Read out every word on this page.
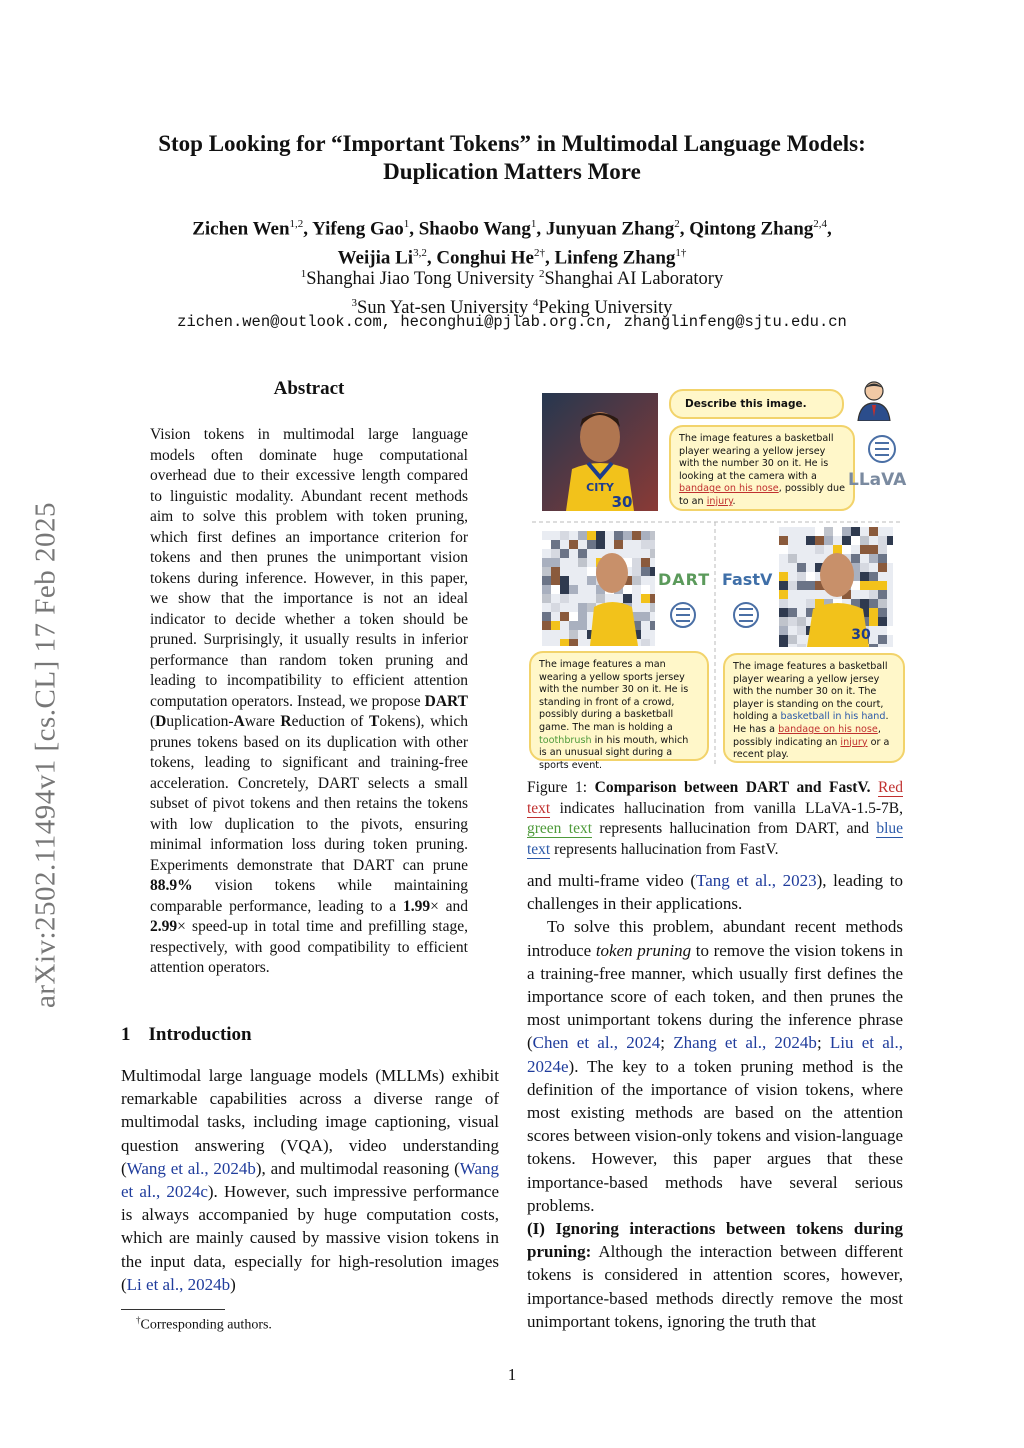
Stop Looking for “Important Tokens” in Multimodal Language Models:
Duplication Matters More
Zichen Wen$^{1,2}$, Yifeng Gao$^1$, Shaobo Wang$^1$, Junyuan Zhang$^2$, Qintong Zhang$^{2,4}$,
Weijia Li$^{3,2}$, Conghui $He^{2\dagger}$, Linfeng Zhang$^{1\dagger}$
$^1$Shanghai Jiao Tong University $^2$Shanghai AI Laboratory
$^3$Sun Yat-sen University $^4$Peking University
zichen.wen@outlook.com, heconghui@pjlab.org.cn, zhanglinfeng@sjtu.edu.cn
arXiv:2502.11494v1 [cs.CL] 17 Feb 2025
Abstract
Vision tokens in multimodal large language models often dominate huge computational overhead due to their excessive length compared to linguistic modality. Abundant recent methods aim to solve this problem with token pruning, which first defines an importance criterion for tokens and then prunes the unimportant vision tokens during inference. However, in this paper, we show that the importance is not an ideal indicator to decide whether a token should be pruned. Surprisingly, it usually results in inferior performance than random token pruning and leading to incompatibility to efficient attention computation operators. Instead, we propose DART (Duplication-Aware Reduction of Tokens), which prunes tokens based on its duplication with other tokens, leading to significant and training-free acceleration. Concretely, DART selects a small subset of pivot tokens and then retains the tokens with low duplication to the pivots, ensuring minimal information loss during token pruning. Experiments demonstrate that DART can prune 88.9% vision tokens while maintaining comparable performance, leading to a 1.99× and 2.99× speed-up in total time and prefilling stage, respectively, with good compatibility to efficient attention operators.
1 Introduction
Multimodal large language models (MLLMs) exhibit remarkable capabilities across a diverse range of multimodal tasks, including image captioning, visual question answering (VQA), video understanding (Wang et al., 2024b), and multimodal reasoning (Wang et al., 2024c). However, such impressive performance is always accompanied by huge computation costs, which are mainly caused by massive vision tokens in the input data, especially for high-resolution images (Li et al., 2024b)
†Corresponding authors.
CITY
30
Describe this image.
The image features a basketball player wearing a yellow jersey with the number 30 on it. He is looking at the camera with a bandage on his nose, possibly due to an injury.
LLaVA
30
DART FastV
The image features a man wearing a yellow sports jersey with the number 30 on it. He is standing in front of a crowd, possibly during a basketball game. The man is holding a toothbrush in his mouth, which is an unusual sight during a sports event.
The image features a basketball player wearing a yellow jersey with the number 30 on it. The player is standing on the court, holding a basketball in his hand. He has a bandage on his nose, possibly indicating an injury or a recent play.
Figure 1: Comparison between DART and FastV. Red text indicates hallucination from vanilla LLaVA-1.5-7B, green text represents hallucination from DART, and blue text represents hallucination from FastV.

and multi-frame video (Tang et al., 2023), leading to challenges in their applications.

To solve this problem, abundant recent methods introduce token pruning to remove the vision tokens in a training-free manner, which usually first defines the importance score of each token, and then prunes the most unimportant tokens during the inference phrase (Chen et al., 2024; Zhang et al., 2024b; Liu et al., 2024e). The key to a token pruning method is the definition of the importance of vision tokens, where most existing methods are based on the attention scores between vision-only tokens and vision-language tokens. However, this paper argues that these importance-based methods have several serious problems.

(I) Ignoring interactions between tokens during pruning: Although the interaction between different tokens is considered in attention scores, however, importance-based methods directly remove the most unimportant tokens, ignoring the truth that

1
